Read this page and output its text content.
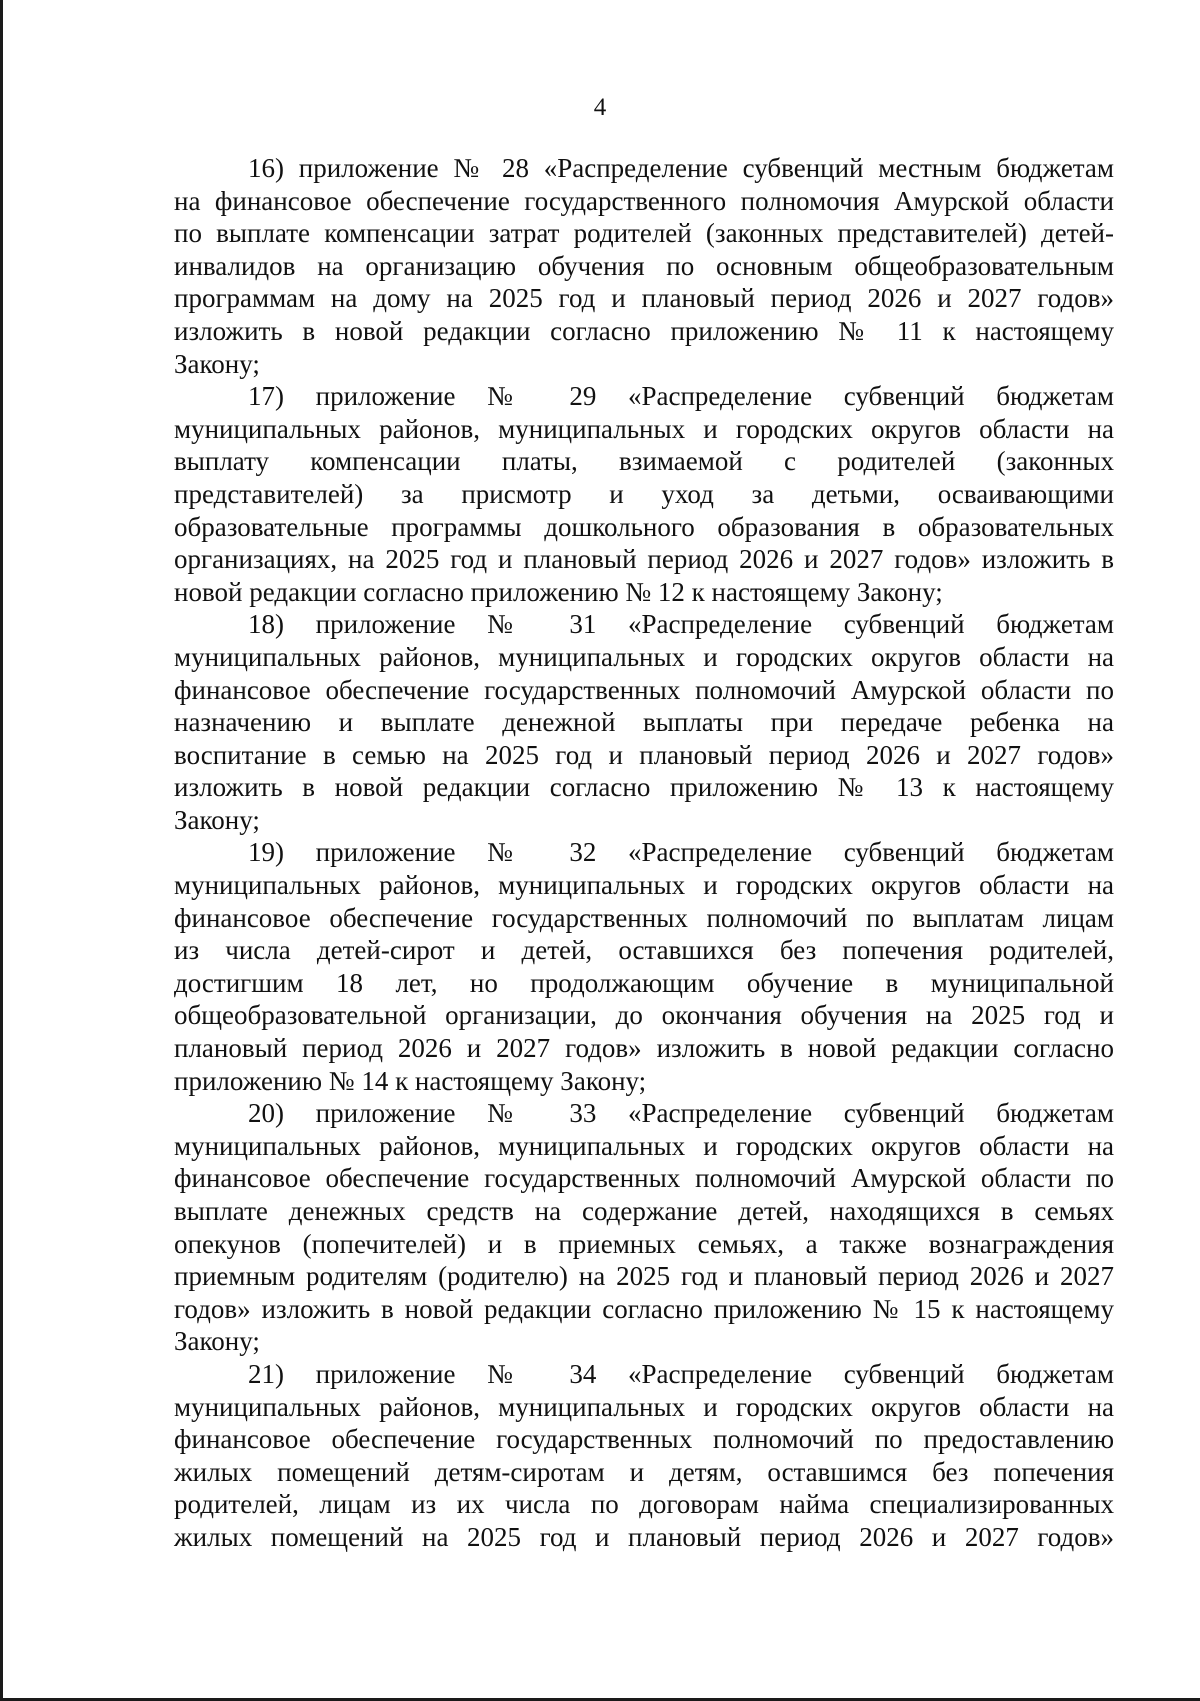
4
16) приложение № 28 «Распределение субвенций местным бюджетам
на финансовое обеспечение государственного полномочия Амурской области
по выплате компенсации затрат родителей (законных представителей) детей-
инвалидов на организацию обучения по основным общеобразовательным
программам на дому на 2025 год и плановый период 2026 и 2027 годов»
изложить в новой редакции согласно приложению № 11 к настоящему
Закону;
17) приложение № 29 «Распределение субвенций бюджетам
муниципальных районов, муниципальных и городских округов области на
выплату компенсации платы, взимаемой с родителей (законных
представителей) за присмотр и уход за детьми, осваивающими
образовательные программы дошкольного образования в образовательных
организациях, на 2025 год и плановый период 2026 и 2027 годов» изложить в
новой редакции согласно приложению № 12 к настоящему Закону;
18) приложение № 31 «Распределение субвенций бюджетам
муниципальных районов, муниципальных и городских округов области на
финансовое обеспечение государственных полномочий Амурской области по
назначению и выплате денежной выплаты при передаче ребенка на
воспитание в семью на 2025 год и плановый период 2026 и 2027 годов»
изложить в новой редакции согласно приложению № 13 к настоящему
Закону;
19) приложение № 32 «Распределение субвенций бюджетам
муниципальных районов, муниципальных и городских округов области на
финансовое обеспечение государственных полномочий по выплатам лицам
из числа детей-сирот и детей, оставшихся без попечения родителей,
достигшим 18 лет, но продолжающим обучение в муниципальной
общеобразовательной организации, до окончания обучения на 2025 год и
плановый период 2026 и 2027 годов» изложить в новой редакции согласно
приложению № 14 к настоящему Закону;
20) приложение № 33 «Распределение субвенций бюджетам
муниципальных районов, муниципальных и городских округов области на
финансовое обеспечение государственных полномочий Амурской области по
выплате денежных средств на содержание детей, находящихся в семьях
опекунов (попечителей) и в приемных семьях, а также вознаграждения
приемным родителям (родителю) на 2025 год и плановый период 2026 и 2027
годов» изложить в новой редакции согласно приложению № 15 к настоящему
Закону;
21) приложение № 34 «Распределение субвенций бюджетам
муниципальных районов, муниципальных и городских округов области на
финансовое обеспечение государственных полномочий по предоставлению
жилых помещений детям-сиротам и детям, оставшимся без попечения
родителей, лицам из их числа по договорам найма специализированных
жилых помещений на 2025 год и плановый период 2026 и 2027 годов»
